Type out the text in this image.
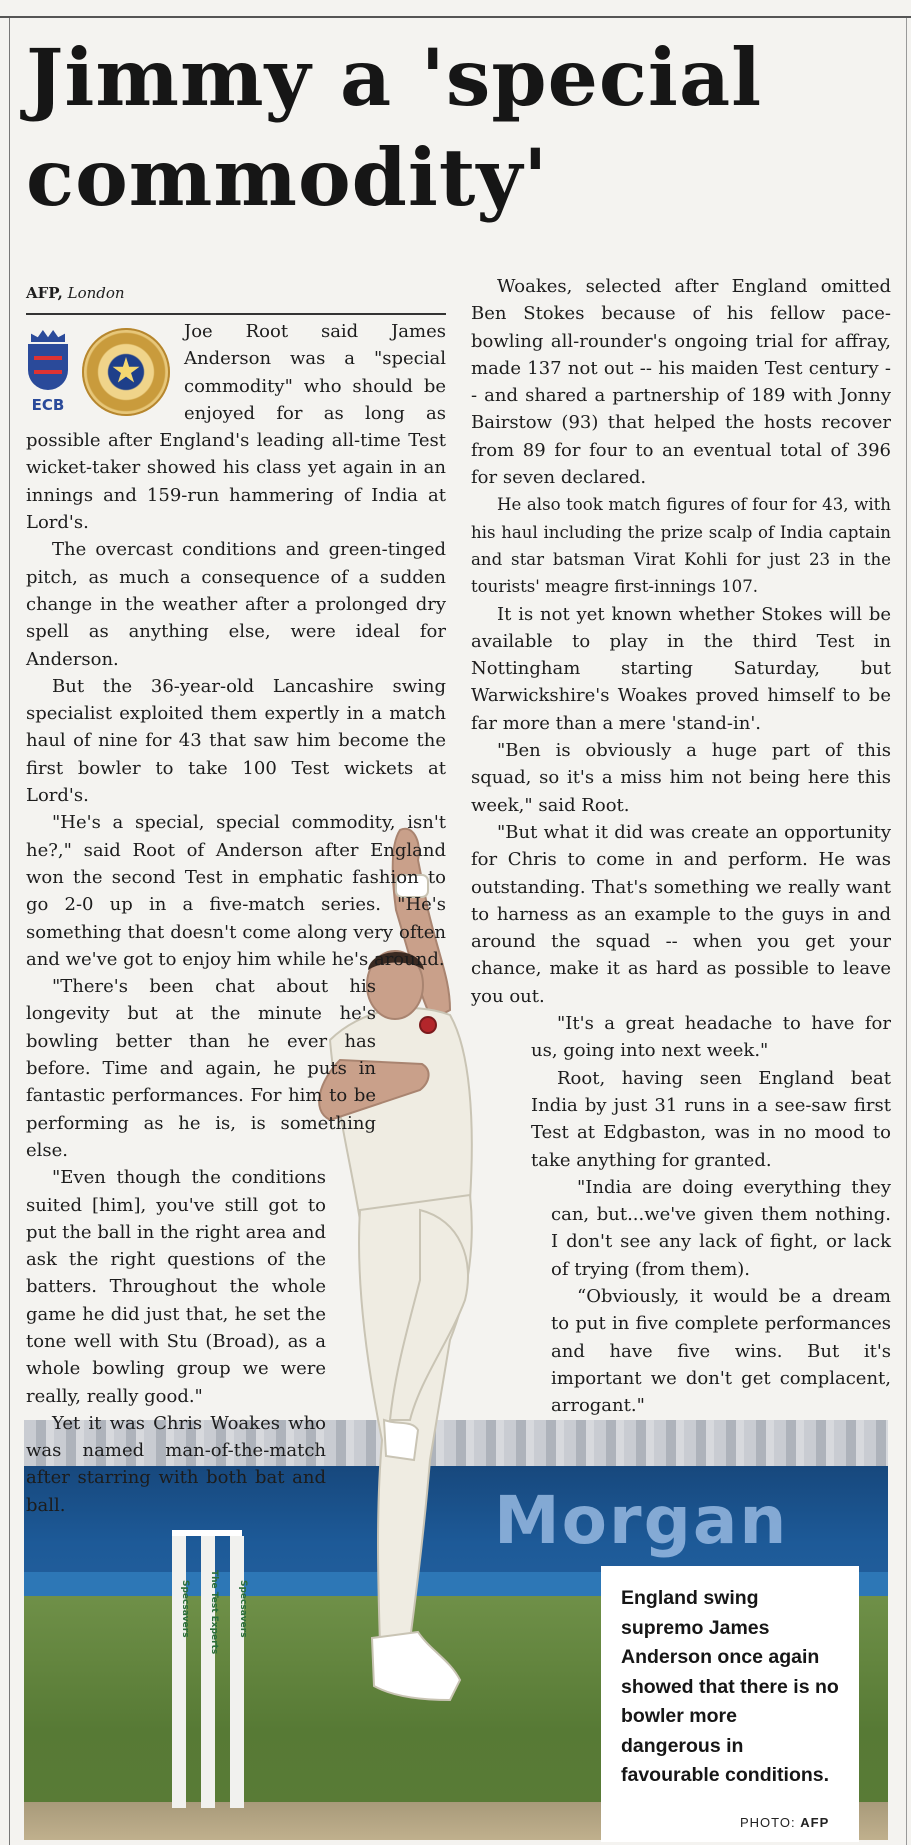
Jimmy a 'special
commodity'
AFP, London
Morgan
Specsavers The Test Experts Specsavers
ECB

Joe Root said James Anderson was a "special commodity" who should be enjoyed for as long as possible after England's leading all-time Test wicket-taker showed his class yet again in an innings and 159-run hammering of India at Lord's.

The overcast conditions and green-tinged pitch, as much a consequence of a sudden change in the weather after a prolonged dry spell as anything else, were ideal for Anderson.

But the 36-year-old Lancashire swing specialist exploited them expertly in a match haul of nine for 43 that saw him become the first bowler to take 100 Test wickets at Lord's.

"He's a special, special commodity, isn't he?," said Root of Anderson after England won the second Test in emphatic fashion to go 2-0 up in a five-match series. "He's something that doesn't come along very often and we've got to enjoy him while he's around.

"There's been chat about his longevity but at the minute he's bowling better than he ever has before. Time and again, he puts in fantastic performances. For him to be performing as he is, is something else.

"Even though the conditions suited [him], you've still got to put the ball in the right area and ask the right questions of the batters. Throughout the whole game he did just that, he set the tone well with Stu (Broad), as a whole bowling group we were really, really good."

Yet it was Chris Woakes who was named man-of-the-match after starring with both bat and ball.

Woakes, selected after England omitted Ben Stokes because of his fellow pace-bowling all-rounder's ongoing trial for affray, made 137 not out -- his maiden Test century -- and shared a partnership of 189 with Jonny Bairstow (93) that helped the hosts recover from 89 for four to an eventual total of 396 for seven declared.

He also took match figures of four for 43, with his haul including the prize scalp of India captain and star batsman Virat Kohli for just 23 in the tourists' meagre first-innings 107.

It is not yet known whether Stokes will be available to play in the third Test in Nottingham starting Saturday, but Warwickshire's Woakes proved himself to be far more than a mere 'stand-in'.

"Ben is obviously a huge part of this squad, so it's a miss him not being here this week," said Root.

"But what it did was create an opportunity for Chris to come in and perform. He was outstanding. That's something we really want to harness as an example to the guys in and around the squad -- when you get your chance, make it as hard as possible to leave you out.

"It's a great headache to have for us, going into next week."

Root, having seen England beat India by just 31 runs in a see-saw first Test at Edgbaston, was in no mood to take anything for granted.

"India are doing everything they can, but...we've given them nothing. I don't see any lack of fight, or lack of trying (from them).

“Obviously, it would be a dream to put in five complete performances and have five wins. But it's important we don't get complacent, arrogant."

England swing supremo James Anderson once again showed that there is no bowler more dangerous in favourable conditions.
PHOTO: AFP
